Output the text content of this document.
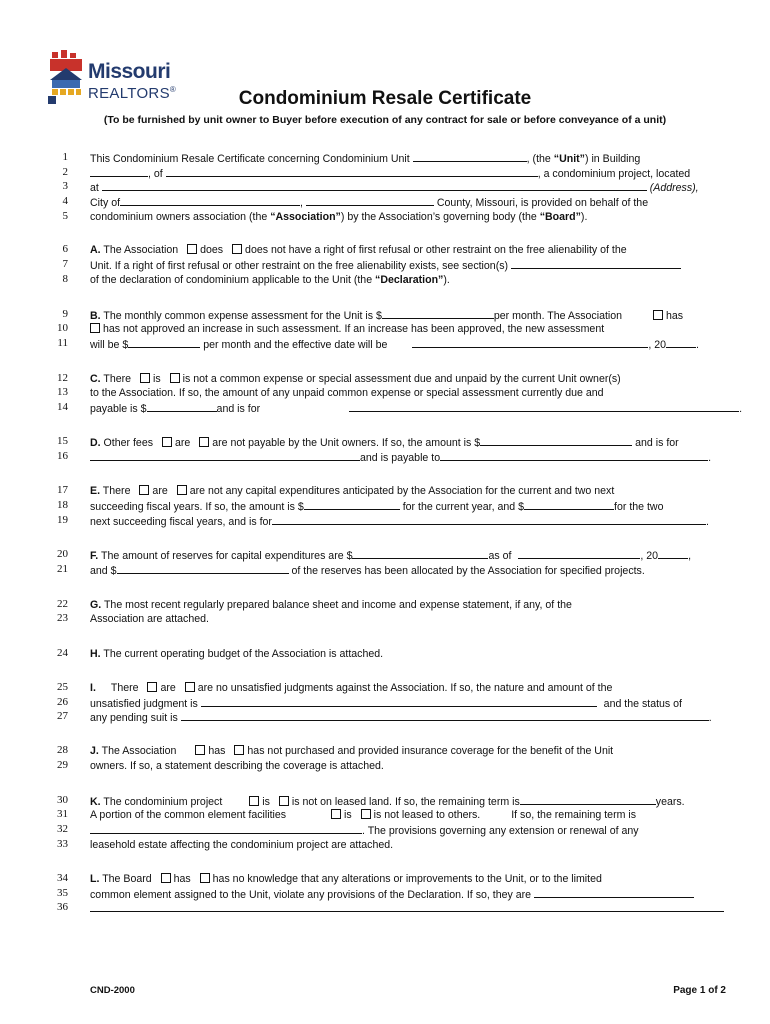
Missouri
REALTORS®	Condominium Resale Certificate
(To be furnished by unit owner to Buyer before execution of any contract for sale or before conveyance of a unit)
1
2
3
4
5
6
7
8
9
10
11
12
13
14
15
16
17
18
19
20
21
22
23
24
25
26
27
28
29
30
31
32
33
34
35
36
This Condominium Resale Certificate concerning Condominium Unit	, (the “Unit”) in Building
, of	, a condominium project, located
at	(Address),
City of	,	County, Missouri, is provided on behalf of the
condominium owners association (the “Association”) by the Association’s governing body (the “Board”).
A. The Association does does not have a right of first refusal or other restraint on the free alienability of the
Unit. If a right of first refusal or other restraint on the free alienability exists, see section(s)
of the declaration of condominium applicable to the Unit (the “Declaration”).
B. The monthly common expense assessment for the Unit is $	per month. The Association	has
has not approved an increase in such assessment. If an increase has been approved, the new assessment
will be $	per month and the effective date will be	, 20	.
C. There is is not a common expense or special assessment due and unpaid by the current Unit owner(s)
to the Association. If so, the amount of any unpaid common expense or special assessment currently due and
payable is $	and is for	.
D. Other fees are are not payable by the Unit owners. If so, the amount is $	and is for
and is payable to	.
E. There are are not any capital expenditures anticipated by the Association for the current and two next
succeeding fiscal years. If so, the amount is $	for the current year, and $	for the two
next succeeding fiscal years, and is for	.
F. The amount of reserves for capital expenditures are $	as of	, 20	,
and $	of the reserves has been allocated by the Association for specified projects.
G. The most recent regularly prepared balance sheet and income and expense statement, if any, of the
Association are attached.
H. The current operating budget of the Association is attached.
I. There are are no unsatisfied judgments against the Association. If so, the nature and amount of the
unsatisfied judgment is	and the status of
any pending suit is	.
J. The Association	has has not purchased and provided insurance coverage for the benefit of the Unit
owners. If so, a statement describing the coverage is attached.
K. The condominium project	is is not on leased land. If so, the remaining term is	years.
A portion of the common element facilities	is is not leased to others.	If so, the remaining term is
. The provisions governing any extension or renewal of any
leasehold estate affecting the condominium project are attached.
L. The Board has has no knowledge that any alterations or improvements to the Unit, or to the limited
common element assigned to the Unit, violate any provisions of the Declaration. If so, they are
CND-2000	Page 1 of 2
